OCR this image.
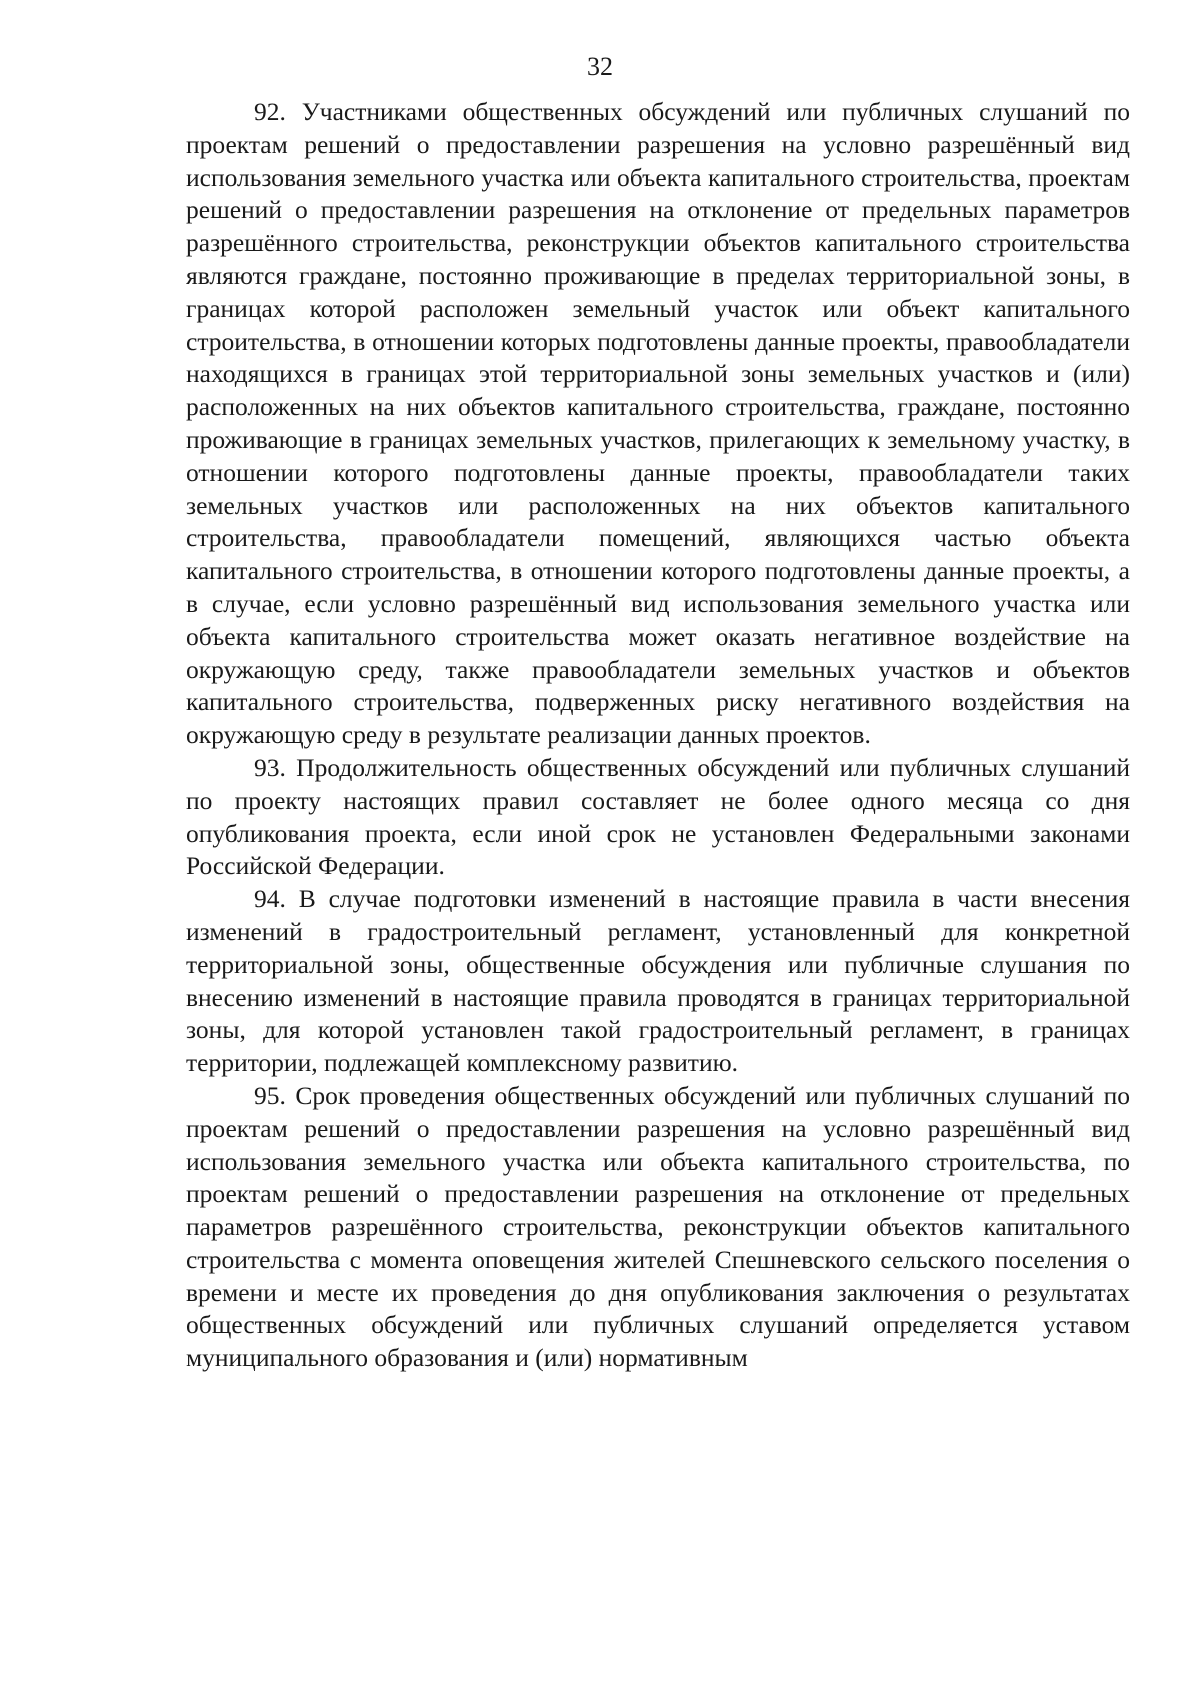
32

92. Участниками общественных обсуждений или публичных слушаний по проектам решений о предоставлении разрешения на условно разрешённый вид использования земельного участка или объекта капитального строительства, проектам решений о предоставлении разрешения на отклонение от предельных параметров разрешённого строительства, реконструкции объектов капитального строительства являются граждане, постоянно проживающие в пределах территориальной зоны, в границах которой расположен земельный участок или объект капитального строительства, в отношении которых подготовлены данные проекты, правообладатели находящихся в границах этой территориальной зоны земельных участков и (или) расположенных на них объектов капитального строительства, граждане, постоянно проживающие в границах земельных участков, прилегающих к земельному участку, в отношении которого подготовлены данные проекты, правообладатели таких земельных участков или расположенных на них объектов капитального строительства, правообладатели помещений, являющихся частью объекта капитального строительства, в отношении которого подготовлены данные проекты, а в случае, если условно разрешённый вид использования земельного участка или объекта капитального строительства может оказать негативное воздействие на окружающую среду, также правообладатели земельных участков и объектов капитального строительства, подверженных риску негативного воздействия на окружающую среду в результате реализации данных проектов.

93. Продолжительность общественных обсуждений или публичных слушаний по проекту настоящих правил составляет не более одного месяца со дня опубликования проекта, если иной срок не установлен Федеральными законами Российской Федерации.

94. В случае подготовки изменений в настоящие правила в части внесения изменений в градостроительный регламент, установленный для конкретной территориальной зоны, общественные обсуждения или публичные слушания по внесению изменений в настоящие правила проводятся в границах территориальной зоны, для которой установлен такой градостроительный регламент, в границах территории, подлежащей комплексному развитию.

95. Срок проведения общественных обсуждений или публичных слушаний по проектам решений о предоставлении разрешения на условно разрешённый вид использования земельного участка или объекта капитального строительства, по проектам решений о предоставлении разрешения на отклонение от предельных параметров разрешённого строительства, реконструкции объектов капитального строительства с момента оповещения жителей Спешневского сельского поселения о времени и месте их проведения до дня опубликования заключения о результатах общественных обсуждений или публичных слушаний определяется уставом муниципального образования и (или) нормативным
